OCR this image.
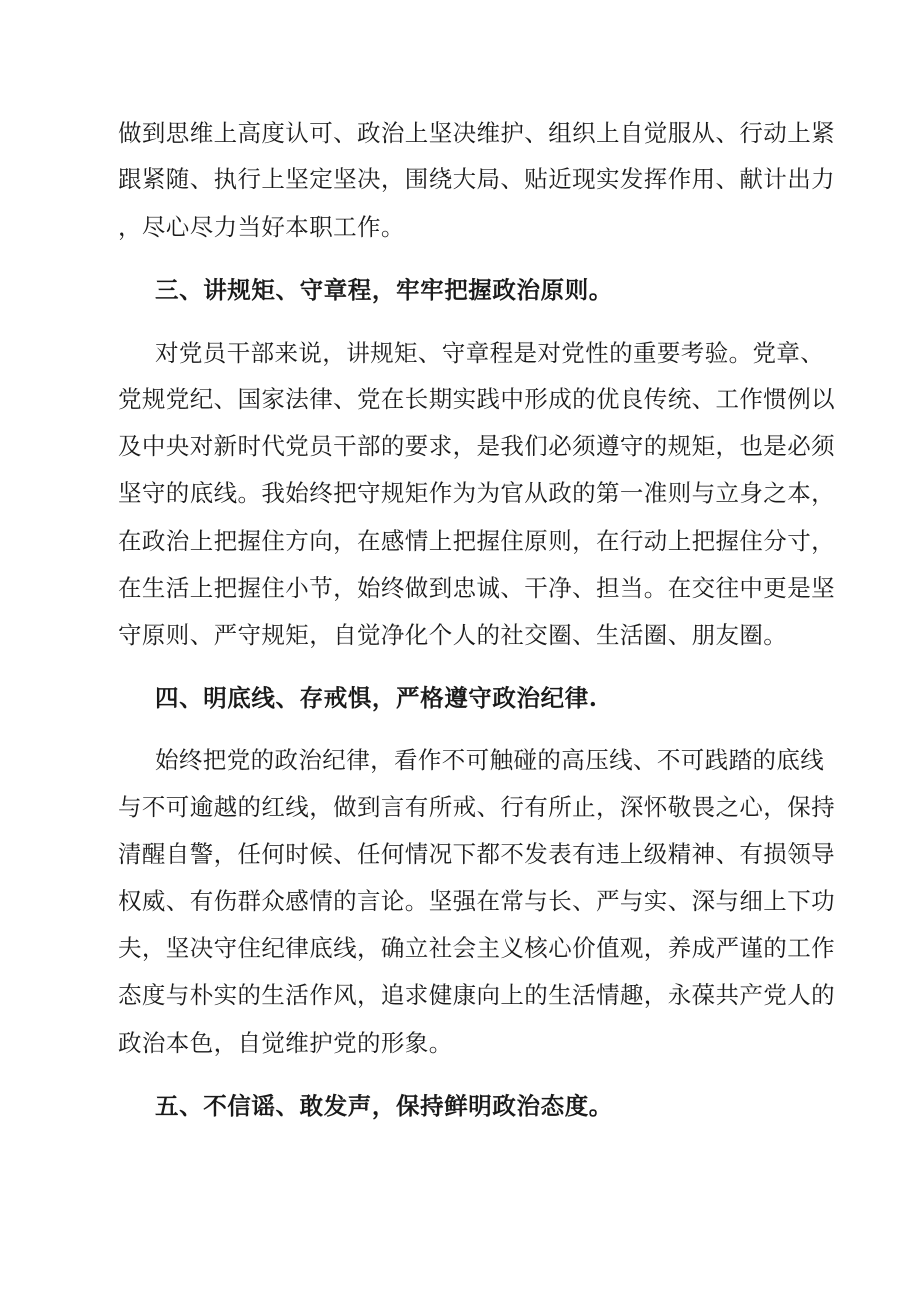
做到思维上高度认可、政治上坚决维护、组织上自觉服从、行动上紧
跟紧随、执行上坚定坚决，围绕大局、贴近现实发挥作用、献计出力
，尽心尽力当好本职工作。
三、讲规矩、守章程，牢牢把握政治原则。
对党员干部来说，讲规矩、守章程是对党性的重要考验。党章、
党规党纪、国家法律、党在长期实践中形成的优良传统、工作惯例以
及中央对新时代党员干部的要求，是我们必须遵守的规矩，也是必须
坚守的底线。我始终把守规矩作为为官从政的第一准则与立身之本，
在政治上把握住方向，在感情上把握住原则，在行动上把握住分寸，
在生活上把握住小节，始终做到忠诚、干净、担当。在交往中更是坚
守原则、严守规矩，自觉净化个人的社交圈、生活圈、朋友圈。
四、明底线、存戒惧，严格遵守政治纪律.
始终把党的政治纪律，看作不可触碰的高压线、不可践踏的底线
与不可逾越的红线，做到言有所戒、行有所止，深怀敬畏之心，保持
清醒自警，任何时候、任何情况下都不发表有违上级精神、有损领导
权威、有伤群众感情的言论。坚强在常与长、严与实、深与细上下功
夫，坚决守住纪律底线，确立社会主义核心价值观，养成严谨的工作
态度与朴实的生活作风，追求健康向上的生活情趣，永葆共产党人的
政治本色，自觉维护党的形象。
五、不信谣、敢发声，保持鲜明政治态度。
